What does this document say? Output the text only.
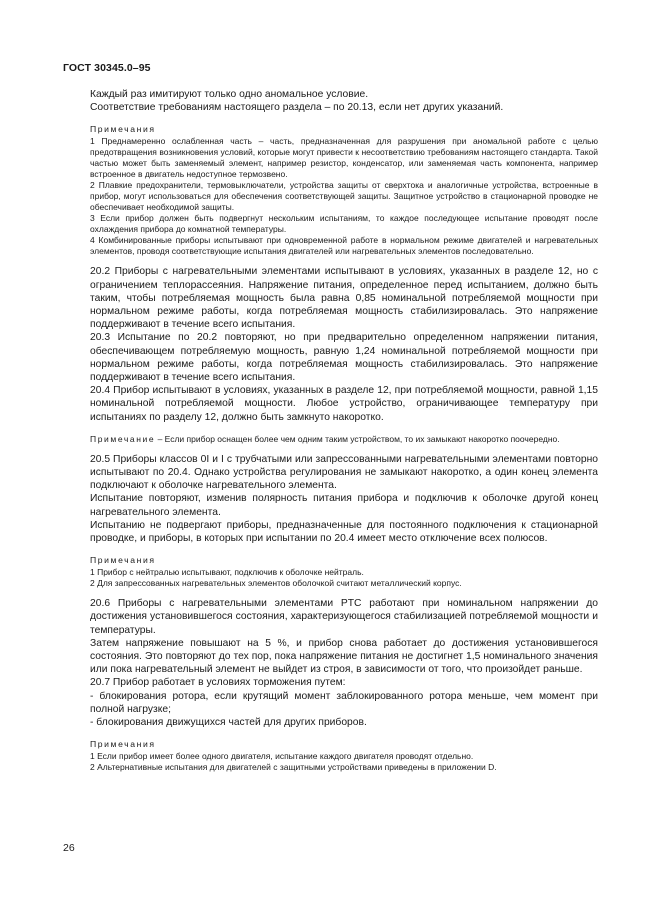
ГОСТ 30345.0–95

Каждый раз имитируют только одно аномальное условие.

Соответствие требованиям настоящего раздела – по 20.13, если нет других указаний.

Примечания

1 Преднамеренно ослабленная часть – часть, предназначенная для разрушения при аномальной работе с целью предотвращения возникновения условий, которые могут привести к несоответствию требованиям настоящего стандарта. Такой частью может быть заменяемый элемент, например резистор, конденсатор, или заменяемая часть компонента, например встроенное в двигатель недоступное термозвено.

2 Плавкие предохранители, термовыключатели, устройства защиты от сверхтока и аналогичные устройства, встроенные в прибор, могут использоваться для обеспечения соответствующей защиты. Защитное устройство в стационарной проводке не обеспечивает необходимой защиты.

3 Если прибор должен быть подвергнут нескольким испытаниям, то каждое последующее испытание проводят после охлаждения прибора до комнатной температуры.

4 Комбинированные приборы испытывают при одновременной работе в нормальном режиме двигателей и нагревательных элементов, проводя соответствующие испытания двигателей или нагревательных элементов последовательно.

20.2 Приборы с нагревательными элементами испытывают в условиях, указанных в разделе 12, но с ограничением теплорассеяния. Напряжение питания, определенное перед испытанием, должно быть таким, чтобы потребляемая мощность была равна 0,85 номинальной потребляемой мощности при нормальном режиме работы, когда потребляемая мощность стабилизировалась. Это напряжение поддерживают в течение всего испытания.

20.3 Испытание по 20.2 повторяют, но при предварительно определенном напряжении питания, обеспечивающем потребляемую мощность, равную 1,24 номинальной потребляемой мощности при нормальном режиме работы, когда потребляемая мощность стабилизировалась. Это напряжение поддерживают в течение всего испытания.

20.4 Прибор испытывают в условиях, указанных в разделе 12, при потребляемой мощности, равной 1,15 номинальной потребляемой мощности. Любое устройство, ограничивающее температуру при испытаниях по разделу 12, должно быть замкнуто накоротко.

Примечание – Если прибор оснащен более чем одним таким устройством, то их замыкают накоротко поочередно.

20.5 Приборы классов 0I и I с трубчатыми или запрессованными нагревательными элементами повторно испытывают по 20.4. Однако устройства регулирования не замыкают накоротко, а один конец элемента подключают к оболочке нагревательного элемента.

Испытание повторяют, изменив полярность питания прибора и подключив к оболочке другой конец нагревательного элемента.

Испытанию не подвергают приборы, предназначенные для постоянного подключения к стационарной проводке, и приборы, в которых при испытании по 20.4 имеет место отключение всех полюсов.

Примечания

1 Прибор с нейтралью испытывают, подключив к оболочке нейтраль.

2 Для запрессованных нагревательных элементов оболочкой считают металлический корпус.

20.6 Приборы с нагревательными элементами PTC работают при номинальном напряжении до достижения установившегося состояния, характеризующегося стабилизацией потребляемой мощности и температуры.

Затем напряжение повышают на 5 %, и прибор снова работает до достижения установившегося состояния. Это повторяют до тех пор, пока напряжение питания не достигнет 1,5 номинального значения или пока нагревательный элемент не выйдет из строя, в зависимости от того, что произойдет раньше.

20.7 Прибор работает в условиях торможения путем:

- блокирования ротора, если крутящий момент заблокированного ротора меньше, чем момент при полной нагрузке;

- блокирования движущихся частей для других приборов.

Примечания

1 Если прибор имеет более одного двигателя, испытание каждого двигателя проводят отдельно.

2 Альтернативные испытания для двигателей с защитными устройствами приведены в приложении D.

26
